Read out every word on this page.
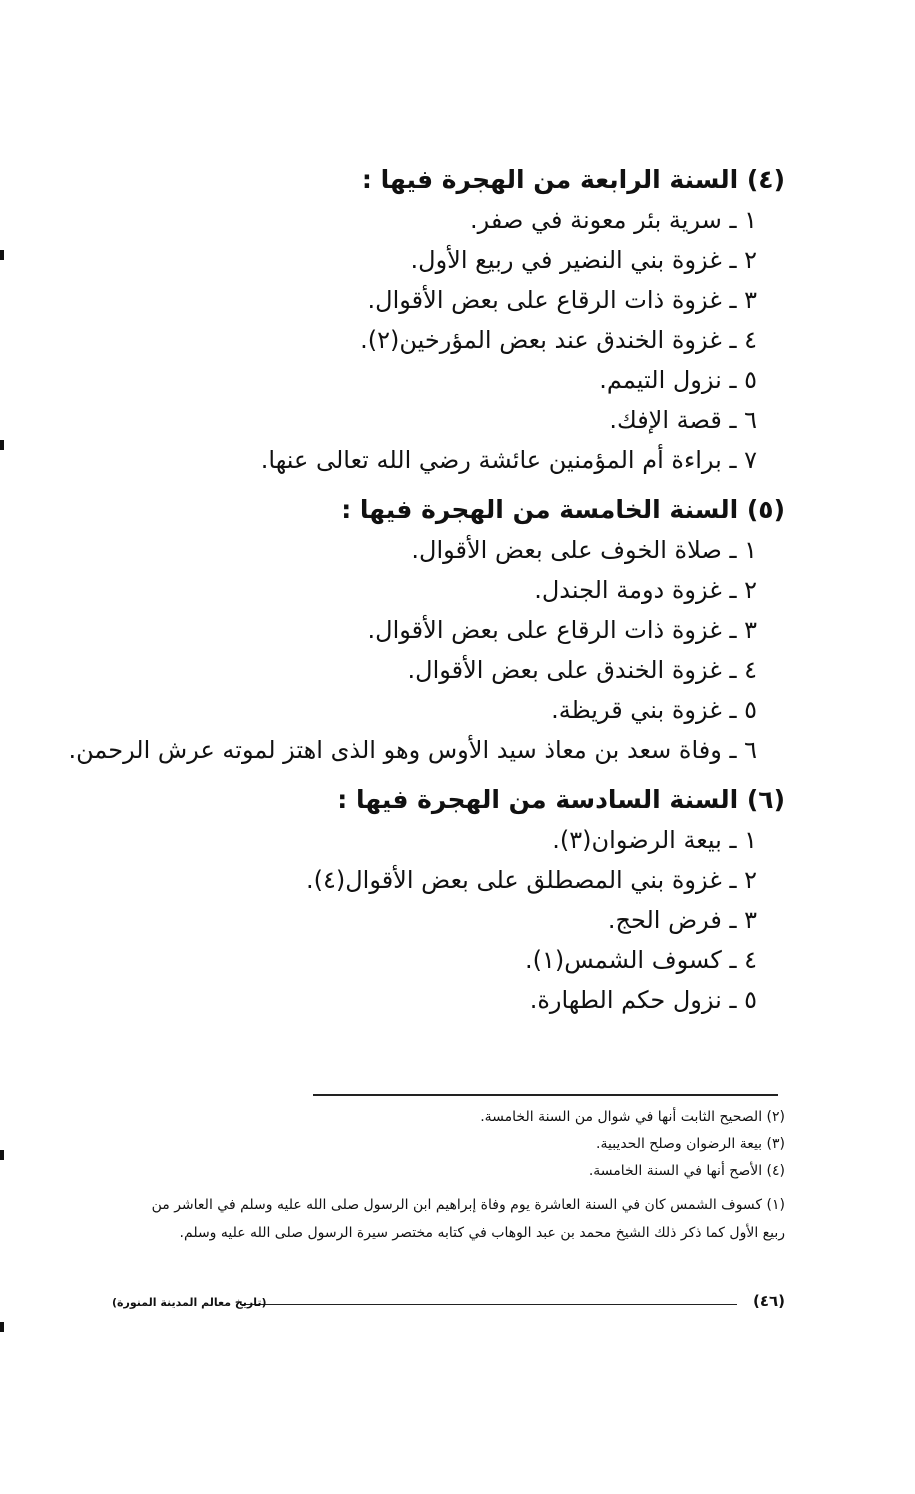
(٤) السنة الرابعة من الهجرة فيها :
١ ـ سرية بئر معونة في صفر.
٢ ـ غزوة بني النضير في ربيع الأول.
٣ ـ غزوة ذات الرقاع على بعض الأقوال.
٤ ـ غزوة الخندق عند بعض المؤرخين(٢).
٥ ـ نزول التيمم.
٦ ـ قصة الإفك.
٧ ـ براءة أم المؤمنين عائشة رضي الله تعالى عنها.
(٥) السنة الخامسة من الهجرة فيها :
١ ـ صلاة الخوف على بعض الأقوال.
٢ ـ غزوة دومة الجندل.
٣ ـ غزوة ذات الرقاع على بعض الأقوال.
٤ ـ غزوة الخندق على بعض الأقوال.
٥ ـ غزوة بني قريظة.
٦ ـ وفاة سعد بن معاذ سيد الأوس وهو الذى اهتز لموته عرش الرحمن.
(٦) السنة السادسة من الهجرة فيها :
١ ـ بيعة الرضوان(٣).
٢ ـ غزوة بني المصطلق على بعض الأقوال(٤).
٣ ـ فرض الحج.
٤ ـ كسوف الشمس(١).
٥ ـ نزول حكم الطهارة.
(٢) الصحيح الثابت أنها في شوال من السنة الخامسة.
(٣) بيعة الرضوان وصلح الحديبية.
(٤) الأصح أنها في السنة الخامسة.
(١) كسوف الشمس كان في السنة العاشرة يوم وفاة إبراهيم ابن الرسول صلى الله عليه وسلم في العاشر من ربيع الأول كما ذكر ذلك الشيخ محمد بن عبد الوهاب في كتابه مختصر سيرة الرسول صلى الله عليه وسلم.
(٤٦)
(تاريخ معالم المدينة المنورة)
